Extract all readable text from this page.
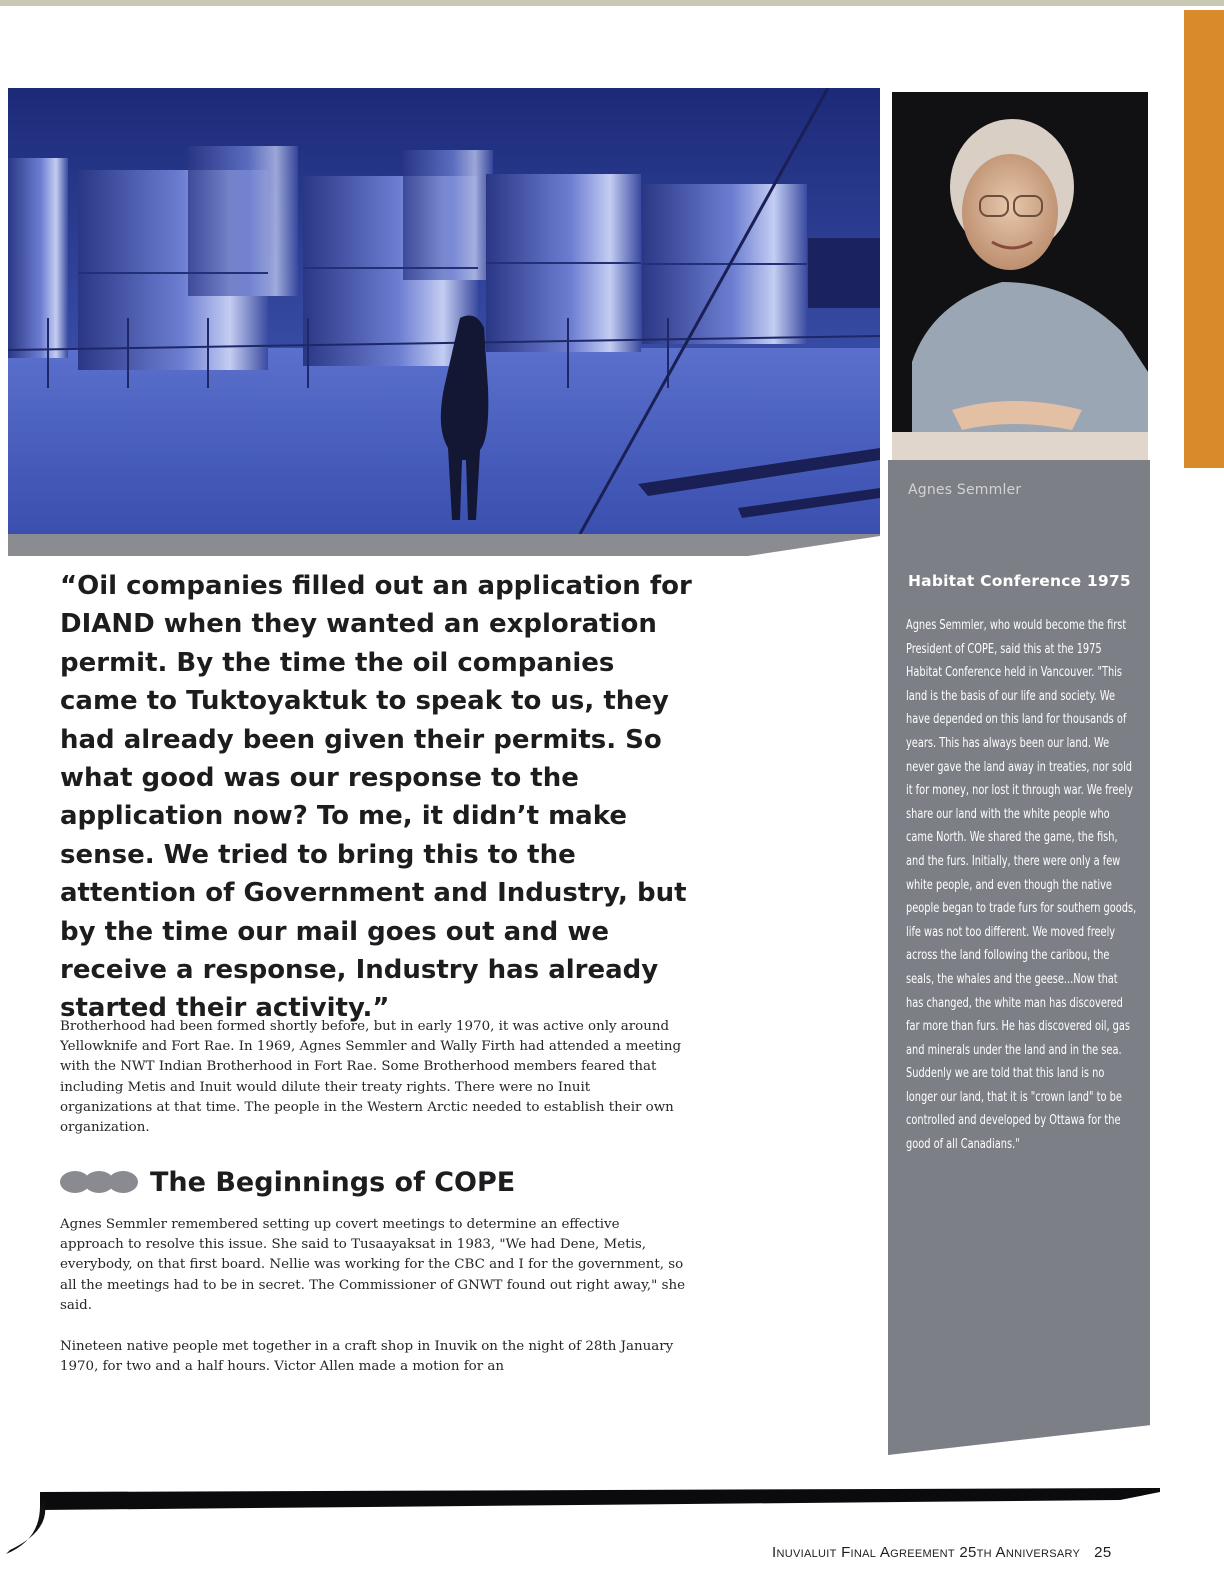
Agnes Semmler
Habitat Conference 1975
Agnes Semmler, who would become the first President of COPE, said this at the 1975 Habitat Conference held in Vancouver. "This land is the basis of our life and society. We have depended on this land for thousands of years. This has always been our land. We never gave the land away in treaties, nor sold it for money, nor lost it through war. We freely share our land with the white people who came North. We shared the game, the fish, and the furs. Initially, there were only a few white people, and even though the native people began to trade furs for southern goods, life was not too different. We moved freely across the land following the caribou, the seals, the whales and the geese...Now that has changed, the white man has discovered far more than furs. He has discovered oil, gas and minerals under the land and in the sea. Suddenly we are told that this land is no longer our land, that it is "crown land" to be controlled and developed by Ottawa for the good of all Canadians."

“Oil companies filled out an application for DIAND when they wanted an exploration permit. By the time the oil companies came to Tuktoyaktuk to speak to us, they had already been given their permits. So what good was our response to the application now? To me, it didn’t make sense. We tried to bring this to the attention of Government and Industry, but by the time our mail goes out and we receive a response, Industry has already started their activity.”

Brotherhood had been formed shortly before, but in early 1970, it was active only around Yellowknife and Fort Rae. In 1969, Agnes Semmler and Wally Firth had attended a meeting with the NWT Indian Brotherhood in Fort Rae. Some Brotherhood members feared that including Metis and Inuit would dilute their treaty rights. There were no Inuit organizations at that time. The people in the Western Arctic needed to establish their own organization.

The Beginnings of COPE

Agnes Semmler remembered setting up covert meetings to determine an effective approach to resolve this issue. She said to Tusaayaksat in 1983, "We had Dene, Metis, everybody, on that first board. Nellie was working for the CBC and I for the government, so all the meetings had to be in secret. The Commissioner of GNWT found out right away," she said.

Nineteen native people met together in a craft shop in Inuvik on the night of 28th January 1970, for two and a half hours. Victor Allen made a motion for an

Inuvialuit Final Agreement 25th Anniversary 25
